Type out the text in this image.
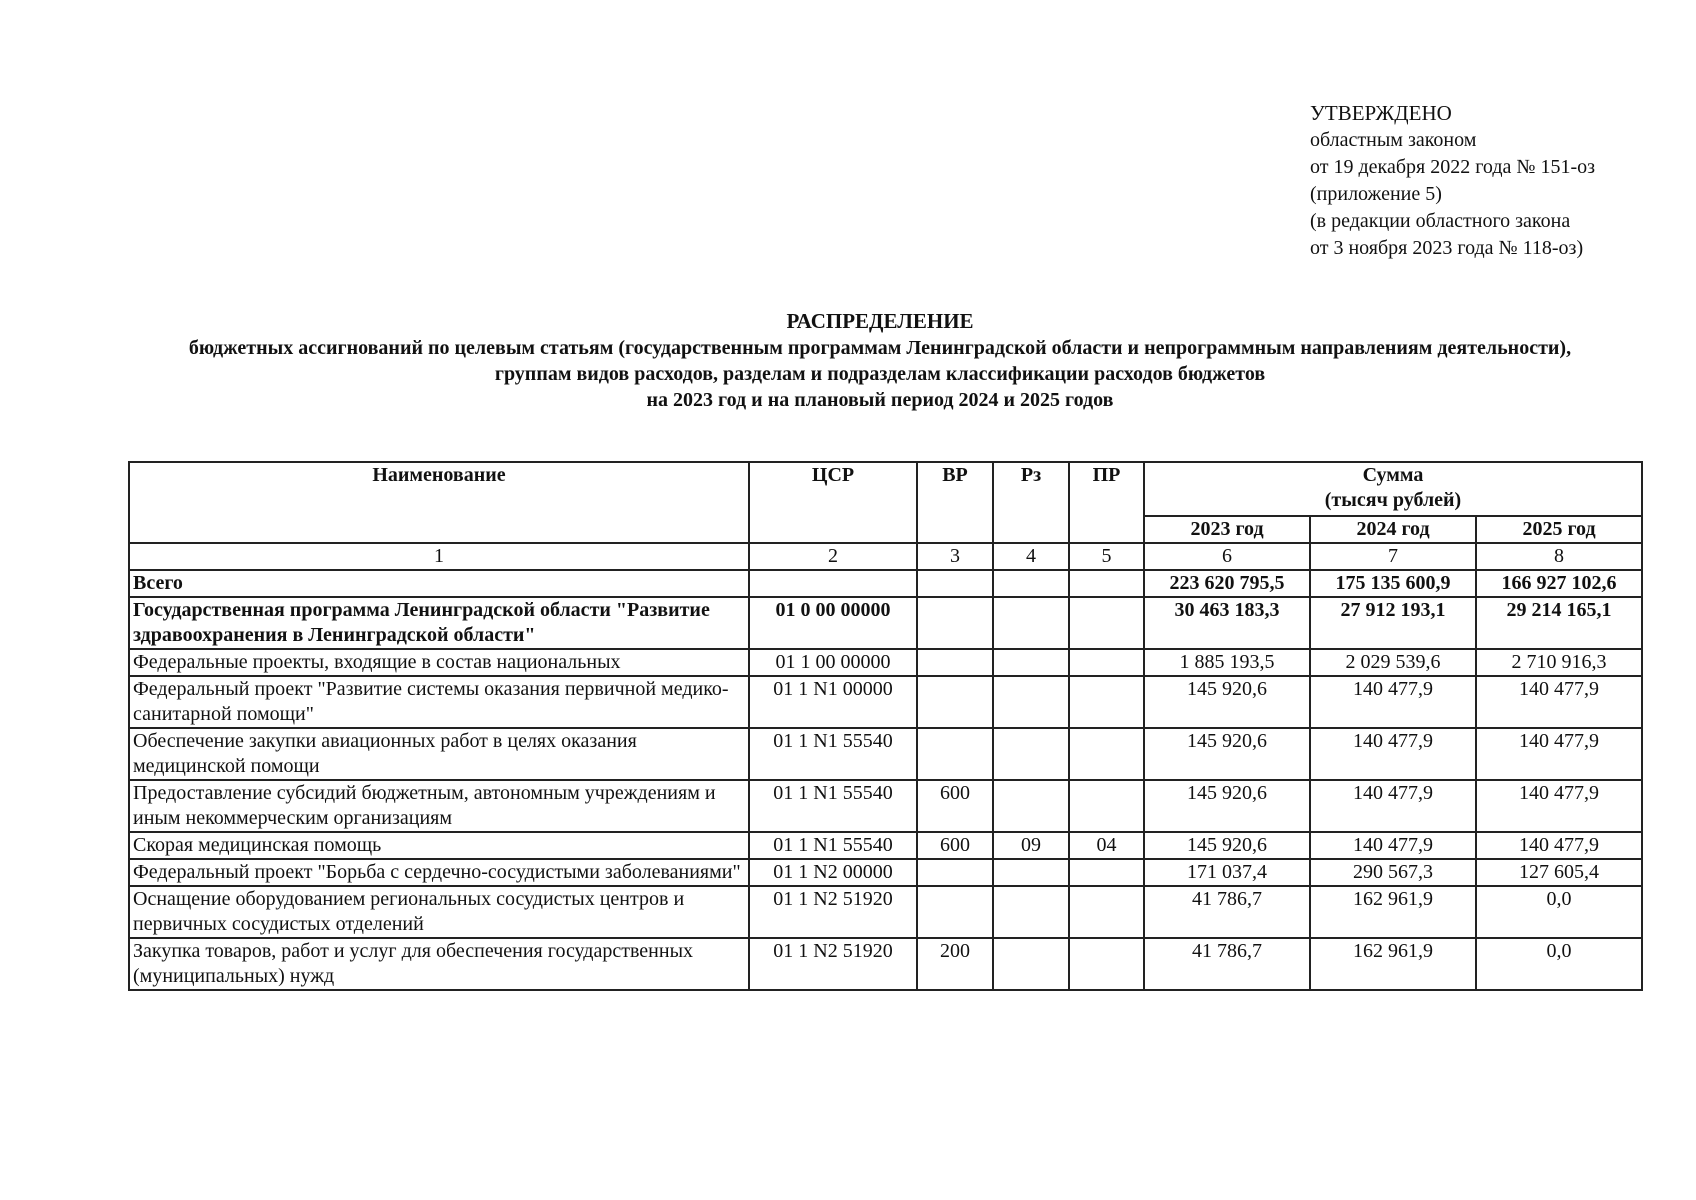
УТВЕРЖДЕНО
областным законом
от 19 декабря 2022 года № 151-оз
(приложение 5)
(в редакции областного закона
от 3 ноября 2023 года № 118-оз)
РАСПРЕДЕЛЕНИЕ
бюджетных ассигнований по целевым статьям (государственным программам Ленинградской области и непрограммным направлениям деятельности),
группам видов расходов, разделам и подразделам классификации расходов бюджетов
на 2023 год и на плановый период 2024 и 2025 годов
Наименование	ЦСР	ВР	Рз	ПР	Сумма
(тысяч рублей)		

					2023 год	2024 год	2025 год
1	2	3	4	5	6	7	8
Всего					223 620 795,5	175 135 600,9	166 927 102,6
Государственная программа Ленинградской области "Развитие здравоохранения в Ленинградской области"	01 0 00 00000				30 463 183,3	27 912 193,1	29 214 165,1
Федеральные проекты, входящие в состав национальных	01 1 00 00000				1 885 193,5	2 029 539,6	2 710 916,3
Федеральный проект "Развитие системы оказания первичной медико-санитарной помощи"	01 1 N1 00000				145 920,6	140 477,9	140 477,9
Обеспечение закупки авиационных работ в целях оказания медицинской помощи	01 1 N1 55540				145 920,6	140 477,9	140 477,9
Предоставление субсидий бюджетным, автономным учреждениям и иным некоммерческим организациям	01 1 N1 55540	600			145 920,6	140 477,9	140 477,9
Скорая медицинская помощь	01 1 N1 55540	600	09	04	145 920,6	140 477,9	140 477,9
Федеральный проект "Борьба с сердечно-сосудистыми заболеваниями"	01 1 N2 00000				171 037,4	290 567,3	127 605,4
Оснащение оборудованием региональных сосудистых центров и первичных сосудистых отделений	01 1 N2 51920				41 786,7	162 961,9	0,0
Закупка товаров, работ и услуг для обеспечения государственных (муниципальных) нужд	01 1 N2 51920	200			41 786,7	162 961,9	0,0
